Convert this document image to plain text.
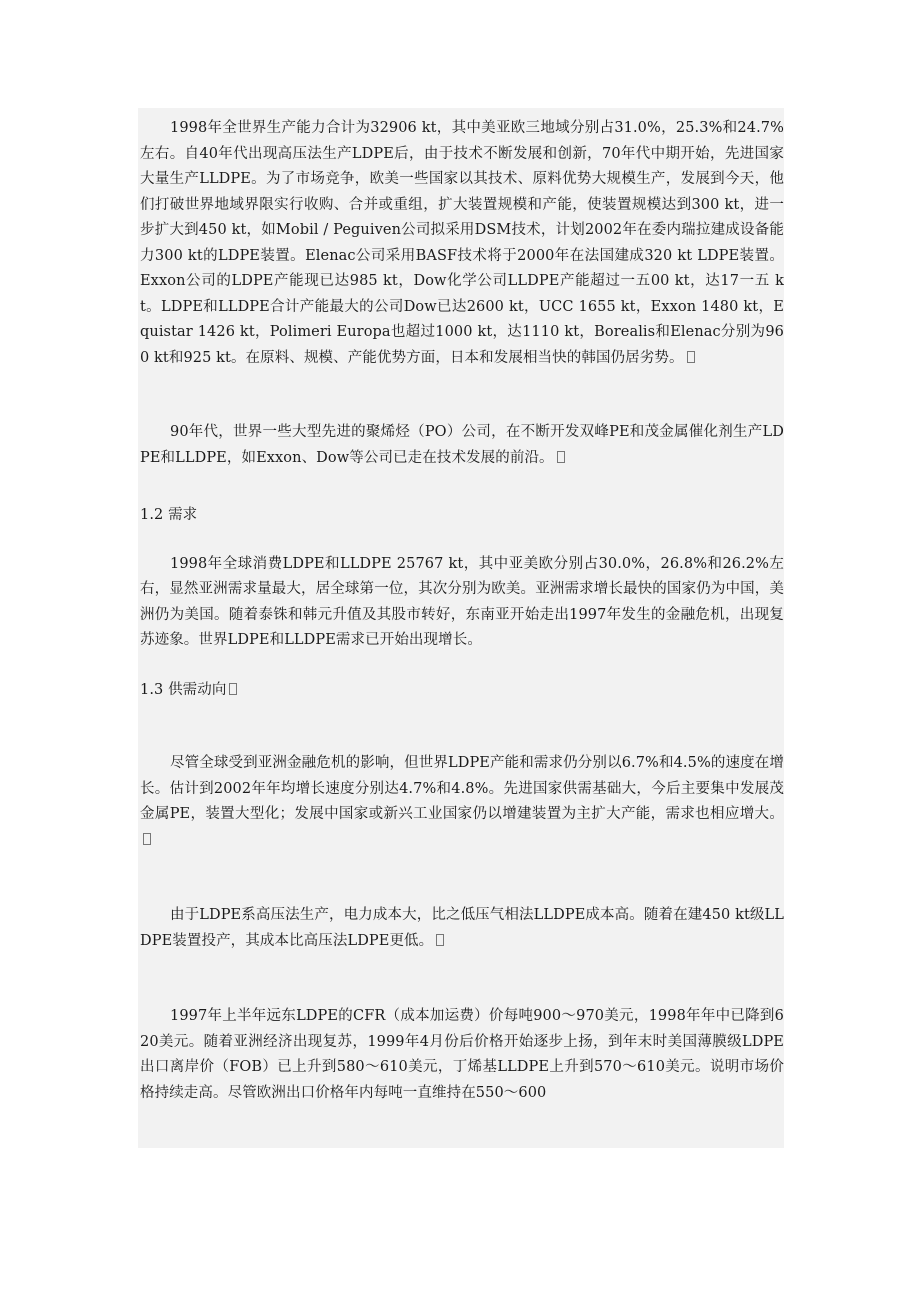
1998年全世界生产能力合计为32906 kt，其中美亚欧三地域分别占31.0%，25.3%和24.7%左右。自40年代出现高压法生产LDPE后，由于技术不断发展和创新，70年代中期开始，先进国家大量生产LLDPE。为了市场竞争，欧美一些国家以其技术、原料优势大规模生产，发展到今天，他们打破世界地域界限实行收购、合并或重组，扩大装置规模和产能，使装置规模达到300 kt，进一步扩大到450 kt，如Mobil / Peguiven公司拟采用DSM技术，计划2002年在委内瑞拉建成设备能力300 kt的LDPE装置。Elenac公司采用BASF技术将于2000年在法国建成320 kt LDPE装置。Exxon公司的LDPE产能现已达985 kt，Dow化学公司LLDPE产能超过一五00 kt，达17一五 kt。LDPE和LLDPE合计产能最大的公司Dow已达2600 kt，UCC 1655 kt，Exxon 1480 kt，Equistar 1426 kt，Polimeri Europa也超过1000 kt，达1110 kt，Borealis和Elenac分别为960 kt和925 kt。在原料、规模、产能优势方面，日本和发展相当快的韩国仍居劣势。

90年代，世界一些大型先进的聚烯烃（PO）公司，在不断开发双峰PE和茂金属催化剂生产LDPE和LLDPE，如Exxon、Dow等公司已走在技术发展的前沿。

1.2 需求

1998年全球消费LDPE和LLDPE 25767 kt，其中亚美欧分别占30.0%，26.8%和26.2%左右，显然亚洲需求量最大，居全球第一位，其次分别为欧美。亚洲需求增长最快的国家仍为中国，美洲仍为美国。随着泰铢和韩元升值及其股市转好，东南亚开始走出1997年发生的金融危机，出现复苏迹象。世界LDPE和LLDPE需求已开始出现增长。

1.3 供需动向

尽管全球受到亚洲金融危机的影响，但世界LDPE产能和需求仍分别以6.7%和4.5%的速度在增长。估计到2002年年均增长速度分别达4.7%和4.8%。先进国家供需基础大，今后主要集中发展茂金属PE，装置大型化；发展中国家或新兴工业国家仍以增建装置为主扩大产能，需求也相应增大。

由于LDPE系高压法生产，电力成本大，比之低压气相法LLDPE成本高。随着在建450 kt级LLDPE装置投产，其成本比高压法LDPE更低。

1997年上半年远东LDPE的CFR（成本加运费）价每吨900～970美元，1998年年中已降到620美元。随着亚洲经济出现复苏，1999年4月份后价格开始逐步上扬，到年末时美国薄膜级LDPE出口离岸价（FOB）已上升到580～610美元，丁烯基LLDPE上升到570～610美元。说明市场价格持续走高。尽管欧洲出口价格年内每吨一直维持在550～600
